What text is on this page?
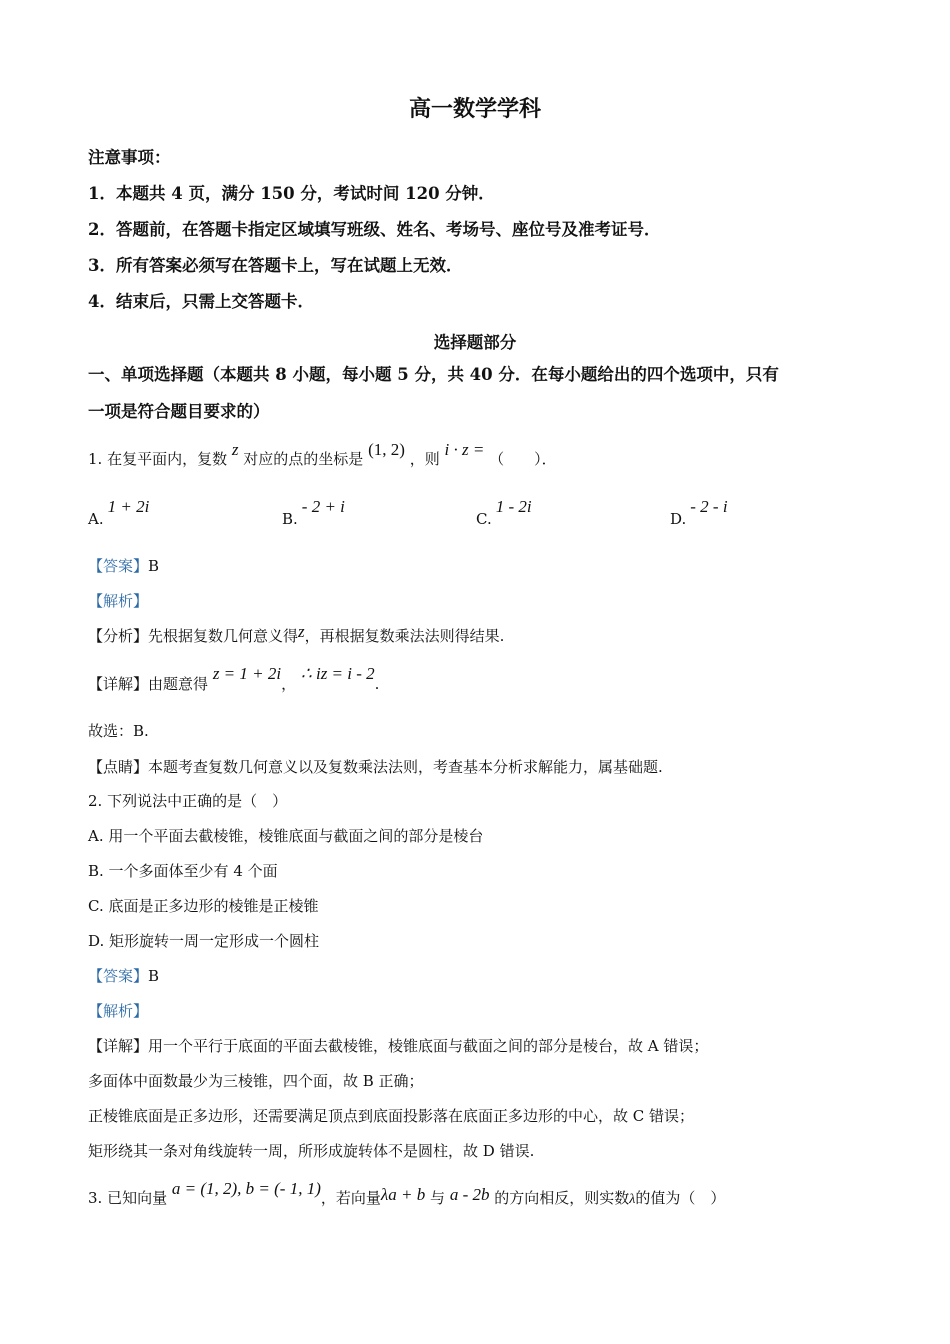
高一数学学科
注意事项：
1．本题共 4 页，满分 150 分，考试时间 120 分钟．
2．答题前，在答题卡指定区域填写班级、姓名、考场号、座位号及准考证号．
3．所有答案必须写在答题卡上，写在试题上无效．
4．结束后，只需上交答题卡．
选择题部分
一、单项选择题（本题共 8 小题，每小题 5 分，共 40 分．在每小题给出的四个选项中，只有
一项是符合题目要求的）
1. 在复平面内，复数 z 对应的点的坐标是 (1, 2) ，则 i · z = （　　）．
A.1 + 2i
B.- 2 + i
C.1 - 2i
D.- 2 - i
【答案】B
【解析】
【分析】先根据复数几何意义得z，再根据复数乘法法则得结果.
【详解】由题意得 z = 1 + 2i， ∴ iz = i - 2.
故选：B.
【点睛】本题考查复数几何意义以及复数乘法法则，考查基本分析求解能力，属基础题.
2. 下列说法中正确的是（　）
A. 用一个平面去截棱锥，棱锥底面与截面之间的部分是棱台
B. 一个多面体至少有 4 个面
C. 底面是正多边形的棱锥是正棱锥
D. 矩形旋转一周一定形成一个圆柱
【答案】B
【解析】
【详解】用一个平行于底面的平面去截棱锥，棱锥底面与截面之间的部分是棱台，故 A 错误；
多面体中面数最少为三棱锥，四个面，故 B 正确；
正棱锥底面是正多边形，还需要满足顶点到底面投影落在底面正多边形的中心，故 C 错误；
矩形绕其一条对角线旋转一周，所形成旋转体不是圆柱，故 D 错误.
3. 已知向量 a = (1, 2), b = (- 1, 1)，若向量λa + b 与 a - 2b 的方向相反，则实数λ的值为（　）
